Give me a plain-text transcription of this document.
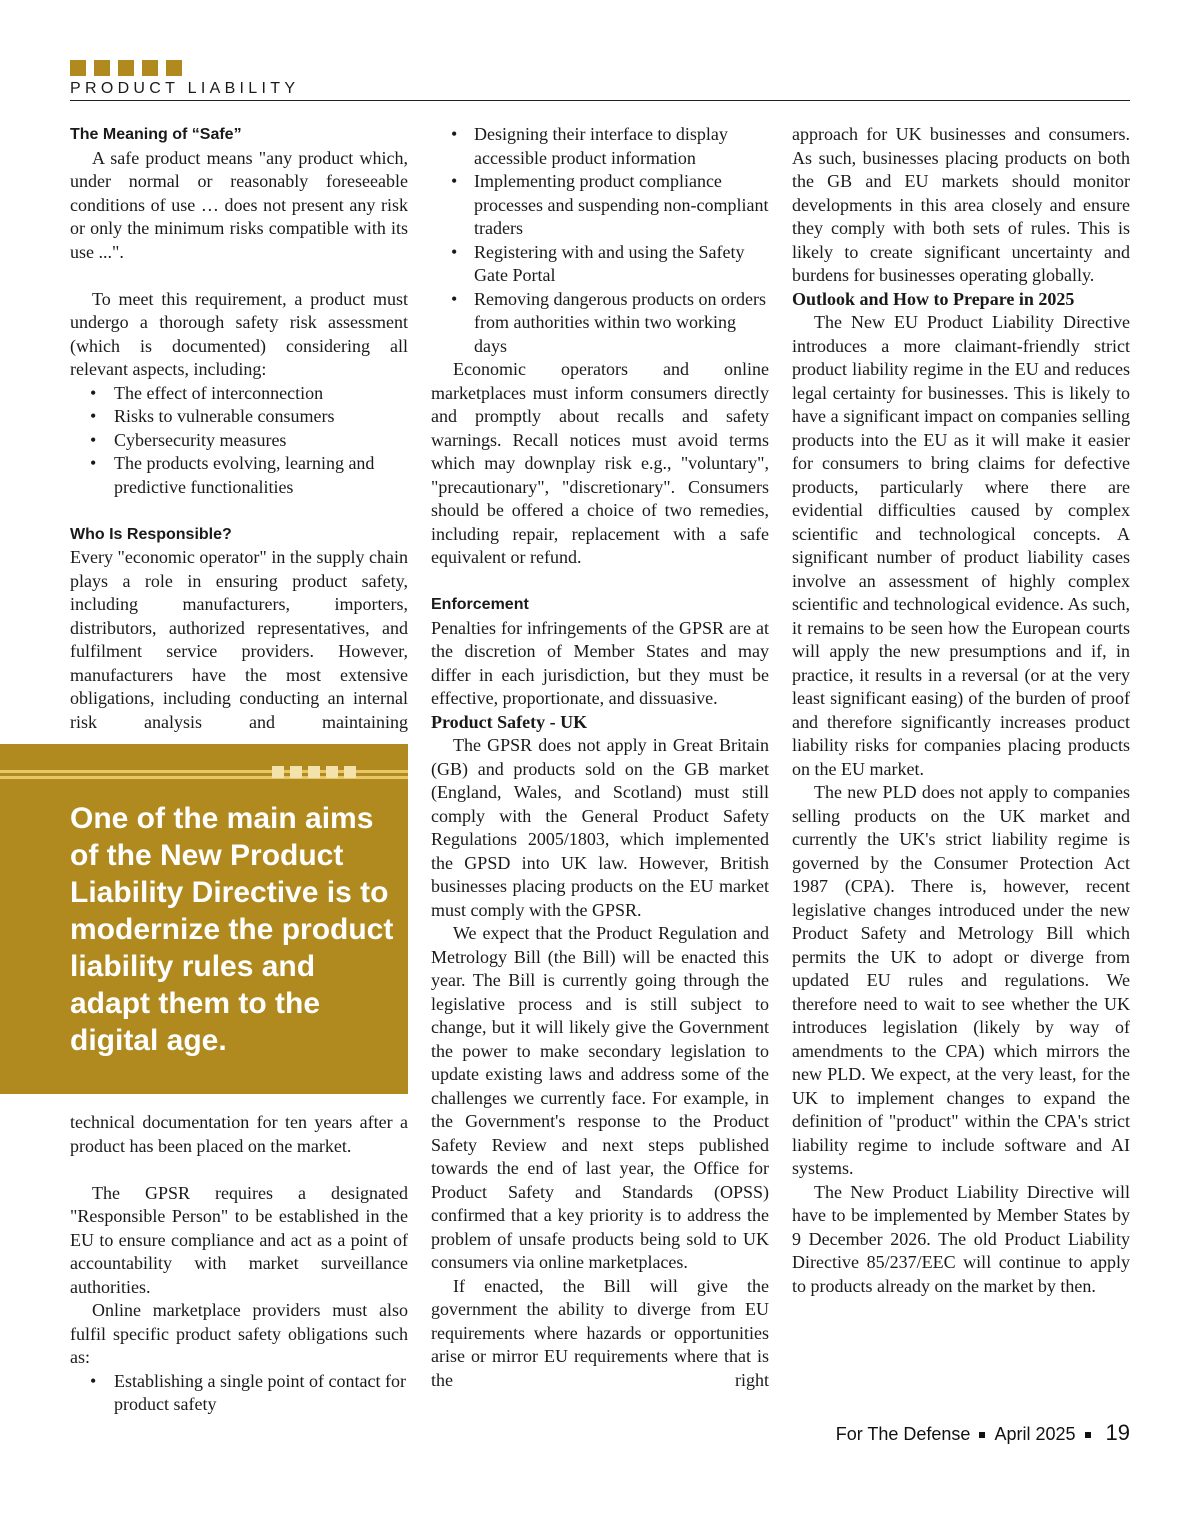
PRODUCT LIABILITY
The Meaning of “Safe”

A safe product means "any product which, under normal or reasonably foreseeable conditions of use … does not present any risk or only the minimum risks compatible with its use ...".

To meet this requirement, a product must undergo a thorough safety risk assessment (which is documented) considering all relevant aspects, including:

• The effect of interconnection
• Risks to vulnerable consumers
• Cybersecurity measures
• The products evolving, learning and predictive functionalities
Who Is Responsible?

Every "economic operator" in the supply chain plays a role in ensuring product safety, including manufacturers, importers, distributors, authorized representatives, and fulfilment service providers. However, manufacturers have the most extensive obligations, including conducting an internal risk analysis and maintaining

One of the main aims of the New Product Liability Directive is to modernize the product liability rules and adapt them to the digital age.

technical documentation for ten years after a product has been placed on the market.

The GPSR requires a designated "Responsible Person" to be established in the EU to ensure compliance and act as a point of accountability with market surveillance authorities.

Online marketplace providers must also fulfil specific product safety obligations such as:

• Establishing a single point of contact for product safety
• Designing their interface to display accessible product information
• Implementing product compliance processes and suspending non-compliant traders
• Registering with and using the Safety Gate Portal
• Removing dangerous products on orders from authorities within two working days

Economic operators and online marketplaces must inform consumers directly and promptly about recalls and safety warnings. Recall notices must avoid terms which may downplay risk e.g., "voluntary", "precautionary", "discretionary". Consumers should be offered a choice of two remedies, including repair, replacement with a safe equivalent or refund.

Enforcement

Penalties for infringements of the GPSR are at the discretion of Member States and may differ in each jurisdiction, but they must be effective, proportionate, and dissuasive.

Product Safety - UK

The GPSR does not apply in Great Britain (GB) and products sold on the GB market (England, Wales, and Scotland) must still comply with the General Product Safety Regulations 2005/1803, which implemented the GPSD into UK law. However, British businesses placing products on the EU market must comply with the GPSR.

We expect that the Product Regulation and Metrology Bill (the Bill) will be enacted this year. The Bill is currently going through the legislative process and is still subject to change, but it will likely give the Government the power to make secondary legislation to update existing laws and address some of the challenges we currently face. For example, in the Government's response to the Product Safety Review and next steps published towards the end of last year, the Office for Product Safety and Standards (OPSS) confirmed that a key priority is to address the problem of unsafe products being sold to UK consumers via online marketplaces.

If enacted, the Bill will give the government the ability to diverge from EU requirements where hazards or opportunities arise or mirror EU requirements where that is the right

approach for UK businesses and consumers. As such, businesses placing products on both the GB and EU markets should monitor developments in this area closely and ensure they comply with both sets of rules. This is likely to create significant uncertainty and burdens for businesses operating globally.

Outlook and How to Prepare in 2025

The New EU Product Liability Directive introduces a more claimant-friendly strict product liability regime in the EU and reduces legal certainty for businesses. This is likely to have a significant impact on companies selling products into the EU as it will make it easier for consumers to bring claims for defective products, particularly where there are evidential difficulties caused by complex scientific and technological concepts. A significant number of product liability cases involve an assessment of highly complex scientific and technological evidence. As such, it remains to be seen how the European courts will apply the new presumptions and if, in practice, it results in a reversal (or at the very least significant easing) of the burden of proof and therefore significantly increases product liability risks for companies placing products on the EU market.

The new PLD does not apply to companies selling products on the UK market and currently the UK's strict liability regime is governed by the Consumer Protection Act 1987 (CPA). There is, however, recent legislative changes introduced under the new Product Safety and Metrology Bill which permits the UK to adopt or diverge from updated EU rules and regulations. We therefore need to wait to see whether the UK introduces legislation (likely by way of amendments to the CPA) which mirrors the new PLD. We expect, at the very least, for the UK to implement changes to expand the definition of "product" within the CPA's strict liability regime to include software and AI systems.

The New Product Liability Directive will have to be implemented by Member States by 9 December 2026. The old Product Liability Directive 85/237/EEC will continue to apply to products already on the market by then.

For The Defense April 2025 19
